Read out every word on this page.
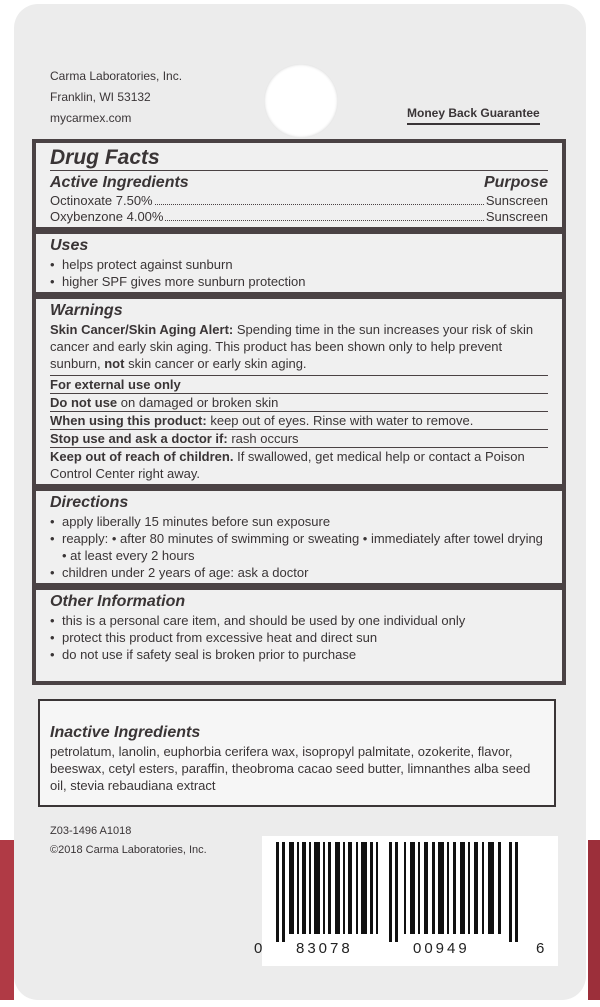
Carma Laboratories, Inc.
Franklin, WI 53132
mycarmex.com	Money Back Guarantee
Drug Facts
Active Ingredients	Purpose
Octinoxate 7.50%	Sunscreen
Oxybenzone 4.00%	Sunscreen
Uses
• helps protect against sunburn
• higher SPF gives more sunburn protection
Warnings
Skin Cancer/Skin Aging Alert: Spending time in the sun increases your risk of skin cancer and early skin aging. This product has been shown only to help prevent sunburn, not skin cancer or early skin aging.
For external use only
Do not use on damaged or broken skin
When using this product: keep out of eyes. Rinse with water to remove.
Stop use and ask a doctor if: rash occurs
Keep out of reach of children. If swallowed, get medical help or contact a Poison Control Center right away.
Directions
• apply liberally 15 minutes before sun exposure
• reapply: • after 80 minutes of swimming or sweating • immediately after towel drying • at least every 2 hours
• children under 2 years of age: ask a doctor
Other Information
• this is a personal care item, and should be used by one individual only
• protect this product from excessive heat and direct sun
• do not use if safety seal is broken prior to purchase
Inactive Ingredients
petrolatum, lanolin, euphorbia cerifera wax, isopropyl palmitate, ozokerite, flavor, beeswax, cetyl esters, paraffin, theobroma cacao seed butter, limnanthes alba seed oil, stevia rebaudiana extract
Z03-1496 A1018
©2018 Carma Laboratories, Inc.
0 83078	00949	6
